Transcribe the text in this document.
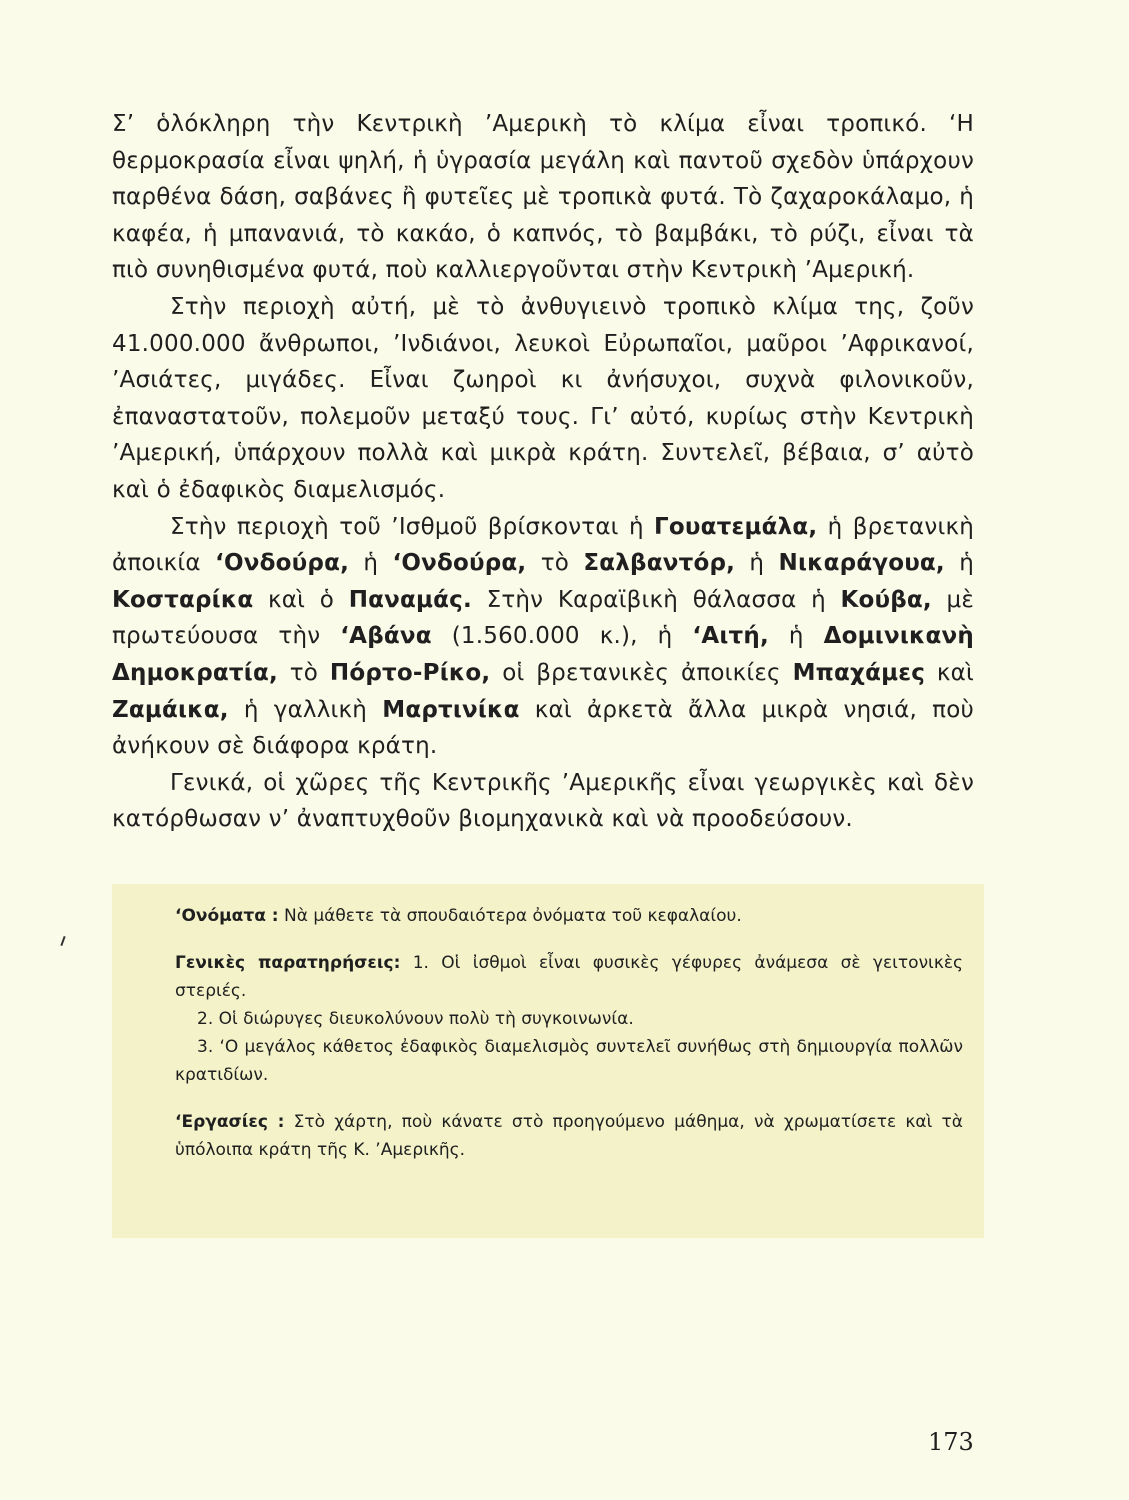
Σ’ ὁλόκληρη τὴν Κεντρικὴ ’Αμερικὴ τὸ κλίμα εἶναι τροπικό. ‘Η θερμοκρασία εἶναι ψηλή, ἡ ὑγρασία μεγάλη καὶ παντοῦ σχεδὸν ὑπάρχουν παρθένα δάση, σαβάνες ἢ φυτεῖες μὲ τροπικὰ φυτά. Τὸ ζαχαροκάλαμο, ἡ καφέα, ἡ μπανανιά, τὸ κακάο, ὁ καπνός, τὸ βαμβάκι, τὸ ρύζι, εἶναι τὰ πιὸ συνηθισμένα φυτά, ποὺ καλλιεργοῦνται στὴν Κεντρικὴ ’Αμερική.

Στὴν περιοχὴ αὐτή, μὲ τὸ ἀνθυγιεινὸ τροπικὸ κλίμα της, ζοῦν 41.000.000 ἄνθρωποι, ’Ινδιάνοι, λευκοὶ Εὐρωπαῖοι, μαῦροι ’Αφρικανοί, ’Ασιάτες, μιγάδες. Εἶναι ζωηροὶ κι ἀνήσυχοι, συχνὰ φιλονικοῦν, ἐπαναστατοῦν, πολεμοῦν μεταξύ τους. Γι’ αὐτό, κυρίως στὴν Κεντρικὴ ’Αμερική, ὑπάρχουν πολλὰ καὶ μικρὰ κράτη. Συντελεῖ, βέβαια, σ’ αὐτὸ καὶ ὁ ἐδαφικὸς διαμελισμός.

Στὴν περιοχὴ τοῦ ’Ισθμοῦ βρίσκονται ἡ Γουατεμάλα, ἡ βρετανικὴ ἀποικία ‘Ονδούρα, ἡ ‘Ονδούρα, τὸ Σαλβαντόρ, ἡ Νικαράγουα, ἡ Κοσταρίκα καὶ ὁ Παναμάς. Στὴν Καραϊβικὴ θάλασσα ἡ Κούβα, μὲ πρωτεύουσα τὴν ‘Αβάνα (1.560.000 κ.), ἡ ‘Αιτή, ἡ Δομινικανὴ Δημοκρατία, τὸ Πόρτο-Ρίκο, οἱ βρετανικὲς ἀποικίες Μπαχάμες καὶ Ζαμάικα, ἡ γαλλικὴ Μαρτινίκα καὶ ἀρκετὰ ἄλλα μικρὰ νησιά, ποὺ ἀνήκουν σὲ διάφορα κράτη.

Γενικά, οἱ χῶρες τῆς Κεντρικῆς ’Αμερικῆς εἶναι γεωργικὲς καὶ δὲν κατόρθωσαν ν’ ἀναπτυχθοῦν βιομηχανικὰ καὶ νὰ προοδεύσουν.

‘Ονόματα : Νὰ μάθετε τὰ σπουδαιότερα ὀνόματα τοῦ κεφαλαίου.

Γενικὲς παρατηρήσεις: 1. Οἱ ἰσθμοὶ εἶναι φυσικὲς γέφυρες ἀνάμεσα σὲ γειτονικὲς στεριές.

2. Οἱ διώρυγες διευκολύνουν πολὺ τὴ συγκοινωνία.

3. ‘Ο μεγάλος κάθετος ἐδαφικὸς διαμελισμὸς συντελεῖ συνήθως στὴ δημιουργία πολλῶν κρατιδίων.

‘Εργασίες : Στὸ χάρτη, ποὺ κάνατε στὸ προηγούμενο μάθημα, νὰ χρωματίσετε καὶ τὰ ὑπόλοιπα κράτη τῆς Κ. ’Αμερικῆς.

173
